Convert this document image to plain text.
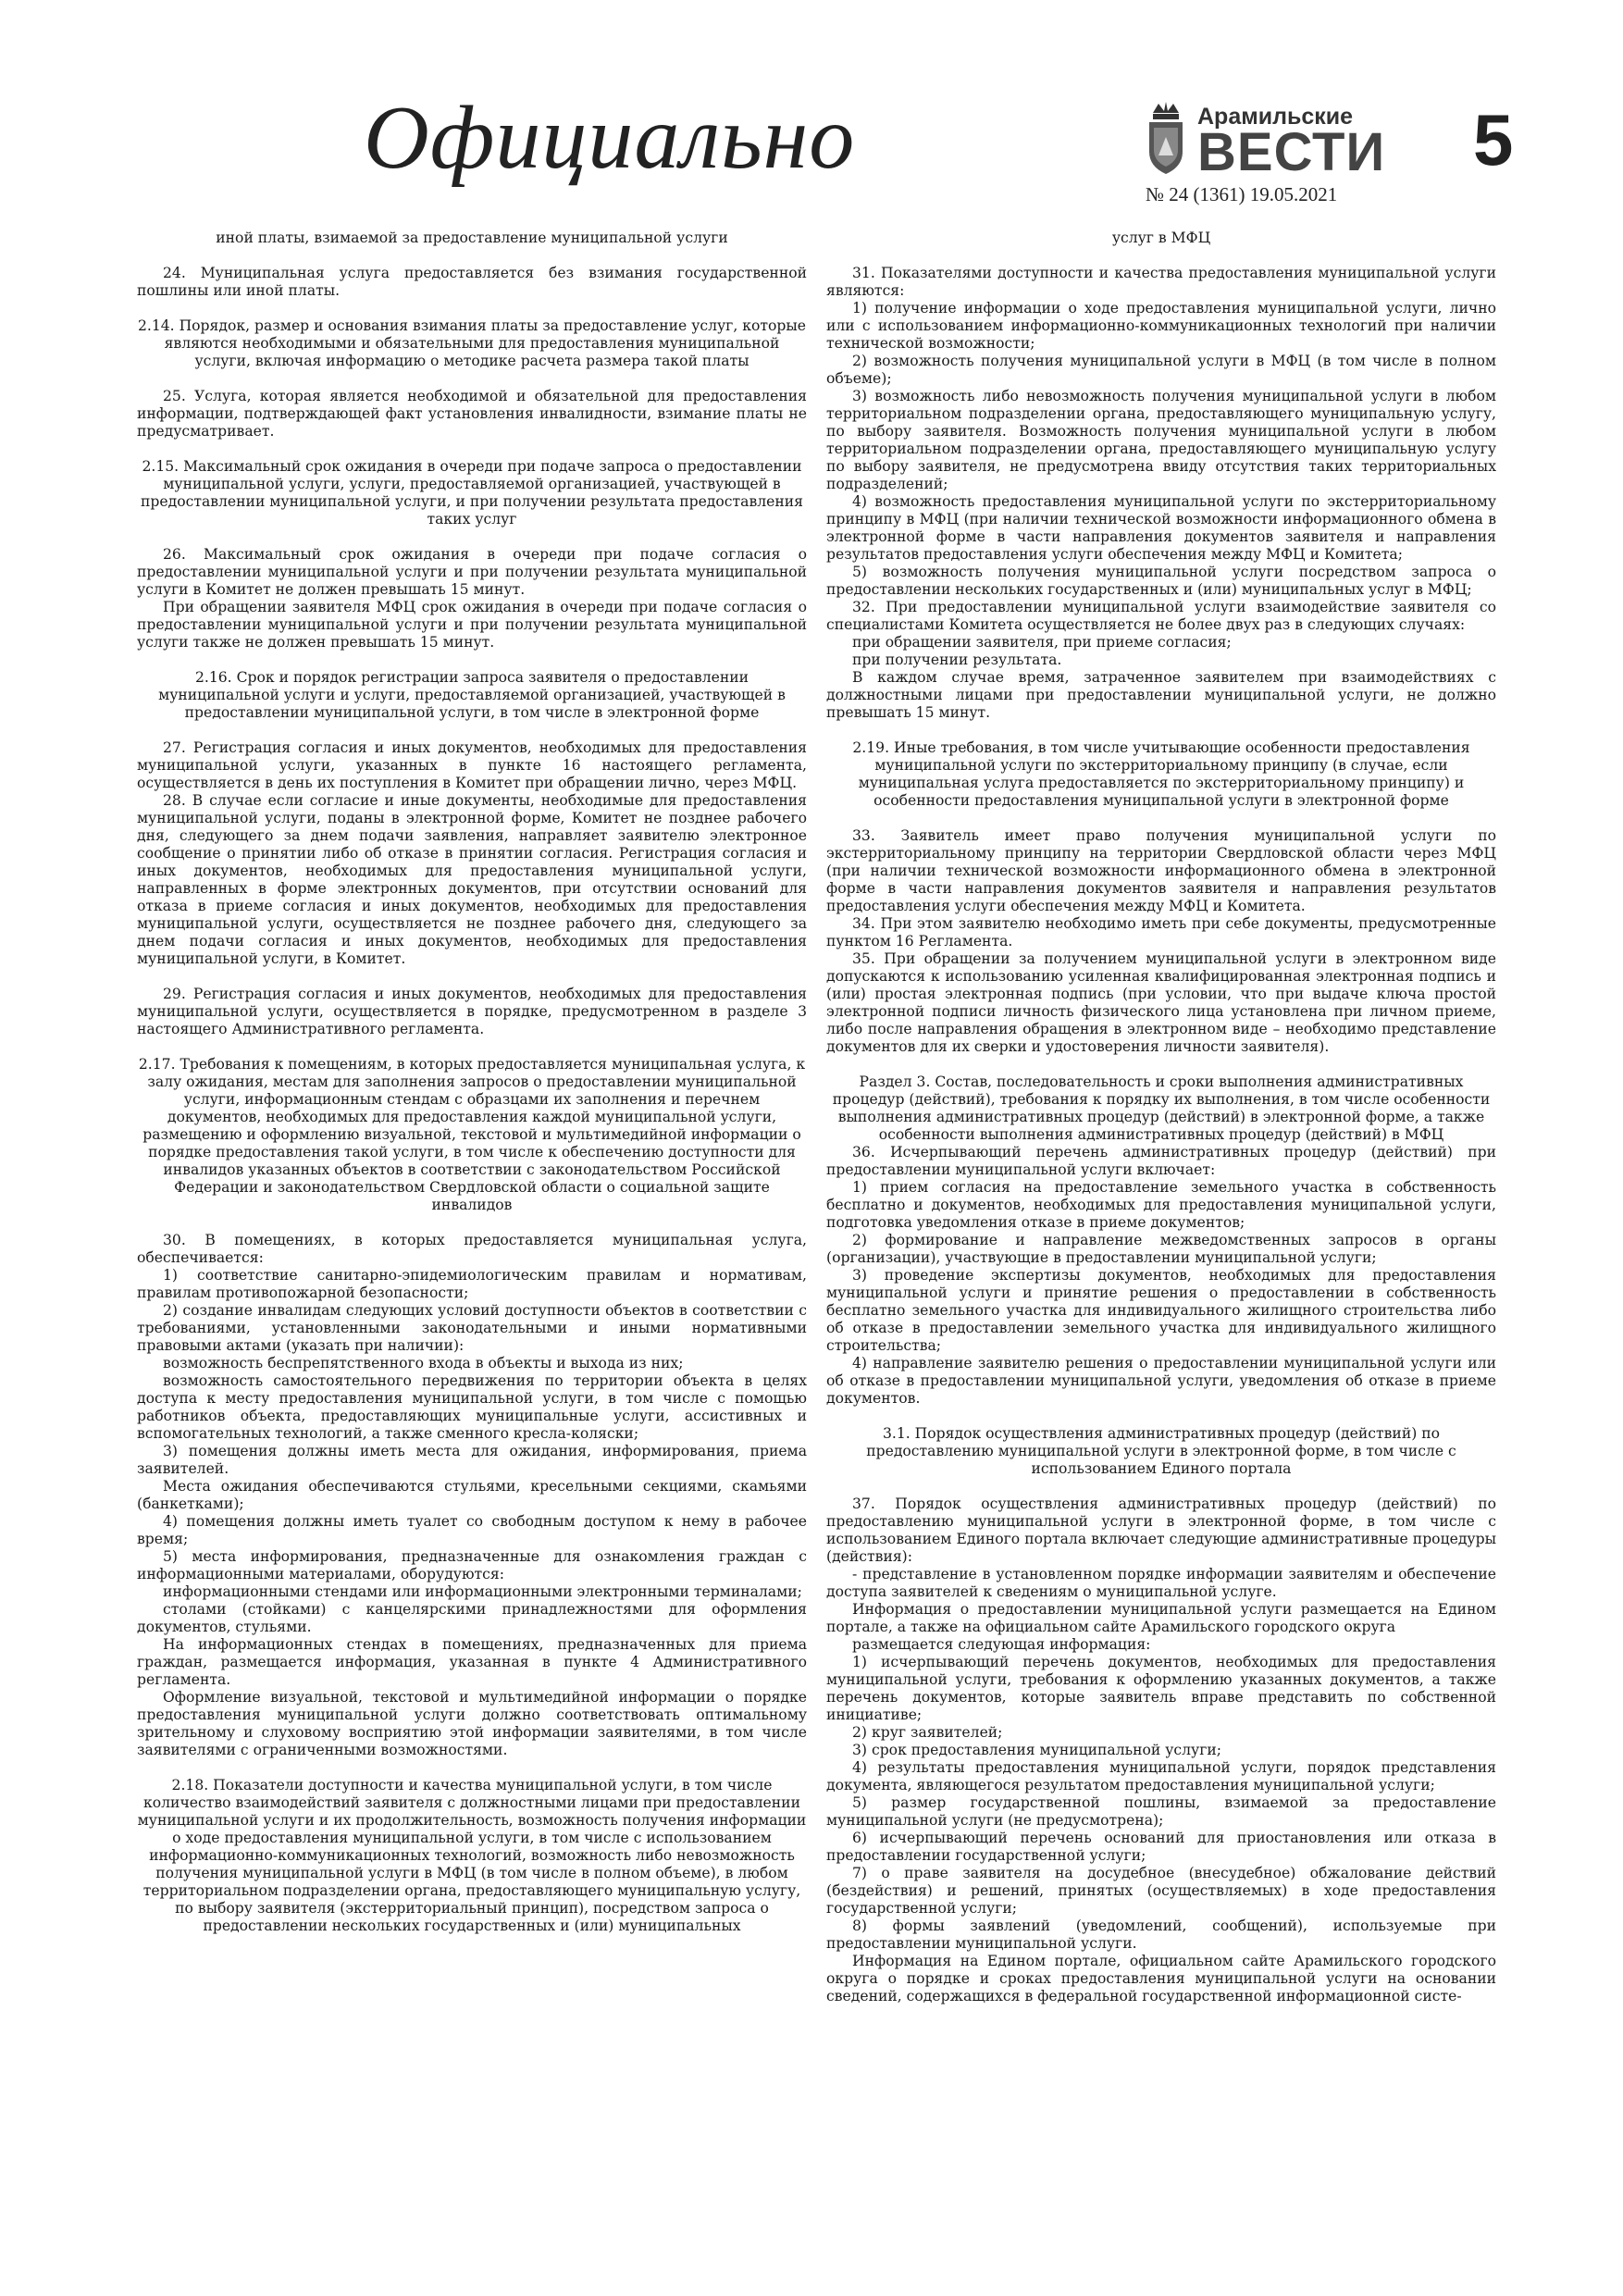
Официально	Арамильские
ВЕСТИ
№ 24 (1361) 19.05.2021
5

иной платы, взимаемой за предоставление муниципальной услуги

24. Муниципальная услуга предоставляется без взимания государственной пошлины или иной платы.

2.14. Порядок, размер и основания взимания платы за предоставление услуг, которые являются необходимыми и обязательными для предоставления муниципальной услуги, включая информацию о методике расчета размера такой платы

25. Услуга, которая является необходимой и обязательной для предоставления информации, подтверждающей факт установления инвалидности, взимание платы не предусматривает.

2.15. Максимальный срок ожидания в очереди при подаче запроса о предоставлении муниципальной услуги, услуги, предоставляемой организацией, участвующей в предоставлении муниципальной услуги, и при получении результата предоставления таких услуг

26. Максимальный срок ожидания в очереди при подаче согласия о предоставлении муниципальной услуги и при получении результата муниципальной услуги в Комитет не должен превышать 15 минут.

При обращении заявителя МФЦ срок ожидания в очереди при подаче согласия о предоставлении муниципальной услуги и при получении результата муниципальной услуги также не должен превышать 15 минут.

2.16. Срок и порядок регистрации запроса заявителя о предоставлении муниципальной услуги и услуги, предоставляемой организацией, участвующей в предоставлении муниципальной услуги, в том числе в электронной форме

27. Регистрация согласия и иных документов, необходимых для предоставления муниципальной услуги, указанных в пункте 16 настоящего регламента, осуществляется в день их поступления в Комитет при обращении лично, через МФЦ.

28. В случае если согласие и иные документы, необходимые для предоставления муниципальной услуги, поданы в электронной форме, Комитет не позднее рабочего дня, следующего за днем подачи заявления, направляет заявителю электронное сообщение о принятии либо об отказе в принятии согласия. Регистрация согласия и иных документов, необходимых для предоставления муниципальной услуги, направленных в форме электронных документов, при отсутствии оснований для отказа в приеме согласия и иных документов, необходимых для предоставления муниципальной услуги, осуществляется не позднее рабочего дня, следующего за днем подачи согласия и иных документов, необходимых для предоставления муниципальной услуги, в Комитет.

29. Регистрация согласия и иных документов, необходимых для предоставления муниципальной услуги, осуществляется в порядке, предусмотренном в разделе 3 настоящего Административного регламента.

2.17. Требования к помещениям, в которых предоставляется муниципальная услуга, к залу ожидания, местам для заполнения запросов о предоставлении муниципальной услуги, информационным стендам с образцами их заполнения и перечнем документов, необходимых для предоставления каждой муниципальной услуги, размещению и оформлению визуальной, текстовой и мультимедийной информации о порядке предоставления такой услуги, в том числе к обеспечению доступности для инвалидов указанных объектов в соответствии с законодательством Российской Федерации и законодательством Свердловской области о социальной защите инвалидов

30. В помещениях, в которых предоставляется муниципальная услуга, обеспечивается:

1) соответствие санитарно-эпидемиологическим правилам и нормативам, правилам противопожарной безопасности;

2) создание инвалидам следующих условий доступности объектов в соответствии с требованиями, установленными законодательными и иными нормативными правовыми актами (указать при наличии):

возможность беспрепятственного входа в объекты и выхода из них;

возможность самостоятельного передвижения по территории объекта в целях доступа к месту предоставления муниципальной услуги, в том числе с помощью работников объекта, предоставляющих муниципальные услуги, ассистивных и вспомогательных технологий, а также сменного кресла-коляски;

3) помещения должны иметь места для ожидания, информирования, приема заявителей.

Места ожидания обеспечиваются стульями, кресельными секциями, скамьями (банкетками);

4) помещения должны иметь туалет со свободным доступом к нему в рабочее время;

5) места информирования, предназначенные для ознакомления граждан с информационными материалами, оборудуются:

информационными стендами или информационными электронными терминалами;

столами (стойками) с канцелярскими принадлежностями для оформления документов, стульями.

На информационных стендах в помещениях, предназначенных для приема граждан, размещается информация, указанная в пункте 4 Административного регламента.

Оформление визуальной, текстовой и мультимедийной информации о порядке предоставления муниципальной услуги должно соответствовать оптимальному зрительному и слуховому восприятию этой информации заявителями, в том числе заявителями с ограниченными возможностями.

2.18. Показатели доступности и качества муниципальной услуги, в том числе количество взаимодействий заявителя с должностными лицами при предоставлении муниципальной услуги и их продолжительность, возможность получения информации о ходе предоставления муниципальной услуги, в том числе с использованием информационно-коммуникационных технологий, возможность либо невозможность получения муниципальной услуги в МФЦ (в том числе в полном объеме), в любом территориальном подразделении органа, предоставляющего муниципальную услугу, по выбору заявителя (экстерриториальный принцип), посредством запроса о предоставлении нескольких государственных и (или) муниципальных

услуг в МФЦ

31. Показателями доступности и качества предоставления муниципальной услуги являются:

1) получение информации о ходе предоставления муниципальной услуги, лично или с использованием информационно-коммуникационных технологий при наличии технической возможности;

2) возможность получения муниципальной услуги в МФЦ (в том числе в полном объеме);

3) возможность либо невозможность получения муниципальной услуги в любом территориальном подразделении органа, предоставляющего муниципальную услугу, по выбору заявителя. Возможность получения муниципальной услуги в любом территориальном подразделении органа, предоставляющего муниципальную услугу по выбору заявителя, не предусмотрена ввиду отсутствия таких территориальных подразделений;

4) возможность предоставления муниципальной услуги по экстерриториальному принципу в МФЦ (при наличии технической возможности информационного обмена в электронной форме в части направления документов заявителя и направления результатов предоставления услуги обеспечения между МФЦ и Комитета;

5) возможность получения муниципальной услуги посредством запроса о предоставлении нескольких государственных и (или) муниципальных услуг в МФЦ;

32. При предоставлении муниципальной услуги взаимодействие заявителя со специалистами Комитета осуществляется не более двух раз в следующих случаях:

при обращении заявителя, при приеме согласия;

при получении результата.

В каждом случае время, затраченное заявителем при взаимодействиях с должностными лицами при предоставлении муниципальной услуги, не должно превышать 15 минут.

2.19. Иные требования, в том числе учитывающие особенности предоставления муниципальной услуги по экстерриториальному принципу (в случае, если муниципальная услуга предоставляется по экстерриториальному принципу) и особенности предоставления муниципальной услуги в электронной форме

33. Заявитель имеет право получения муниципальной услуги по экстерриториальному принципу на территории Свердловской области через МФЦ (при наличии технической возможности информационного обмена в электронной форме в части направления документов заявителя и направления результатов предоставления услуги обеспечения между МФЦ и Комитета.

34. При этом заявителю необходимо иметь при себе документы, предусмотренные пунктом 16 Регламента.

35. При обращении за получением муниципальной услуги в электронном виде допускаются к использованию усиленная квалифицированная электронная подпись и (или) простая электронная подпись (при условии, что при выдаче ключа простой электронной подписи личность физического лица установлена при личном приеме, либо после направления обращения в электронном виде – необходимо представление документов для их сверки и удостоверения личности заявителя).

Раздел 3. Состав, последовательность и сроки выполнения административных процедур (действий), требования к порядку их выполнения, в том числе особенности выполнения административных процедур (действий) в электронной форме, а также особенности выполнения административных процедур (действий) в МФЦ

36. Исчерпывающий перечень административных процедур (действий) при предоставлении муниципальной услуги включает:

1) прием согласия на предоставление земельного участка в собственность бесплатно и документов, необходимых для предоставления муниципальной услуги, подготовка уведомления отказе в приеме документов;

2) формирование и направление межведомственных запросов в органы (организации), участвующие в предоставлении муниципальной услуги;

3) проведение экспертизы документов, необходимых для предоставления муниципальной услуги и принятие решения о предоставлении в собственность бесплатно земельного участка для индивидуального жилищного строительства либо об отказе в предоставлении земельного участка для индивидуального жилищного строительства;

4) направление заявителю решения о предоставлении муниципальной услуги или об отказе в предоставлении муниципальной услуги, уведомления об отказе в приеме документов.

3.1. Порядок осуществления административных процедур (действий) по предоставлению муниципальной услуги в электронной форме, в том числе с использованием Единого портала

37. Порядок осуществления административных процедур (действий) по предоставлению муниципальной услуги в электронной форме, в том числе с использованием Единого портала включает следующие административные процедуры (действия):

- представление в установленном порядке информации заявителям и обеспечение доступа заявителей к сведениям о муниципальной услуге.

Информация о предоставлении муниципальной услуги размещается на Едином портале, а также на официальном сайте Арамильского городского округа

размещается следующая информация:

1) исчерпывающий перечень документов, необходимых для предоставления муниципальной услуги, требования к оформлению указанных документов, а также перечень документов, которые заявитель вправе представить по собственной инициативе;

2) круг заявителей;

3) срок предоставления муниципальной услуги;

4) результаты предоставления муниципальной услуги, порядок представления документа, являющегося результатом предоставления муниципальной услуги;

5) размер государственной пошлины, взимаемой за предоставление муниципальной услуги (не предусмотрена);

6) исчерпывающий перечень оснований для приостановления или отказа в предоставлении государственной услуги;

7) о праве заявителя на досудебное (внесудебное) обжалование действий (бездействия) и решений, принятых (осуществляемых) в ходе предоставления государственной услуги;

8) формы заявлений (уведомлений, сообщений), используемые при предоставлении муниципальной услуги.

Информация на Едином портале, официальном сайте Арамильского городского округа о порядке и сроках предоставления муниципальной услуги на основании сведений, содержащихся в федеральной государственной информационной систе-
